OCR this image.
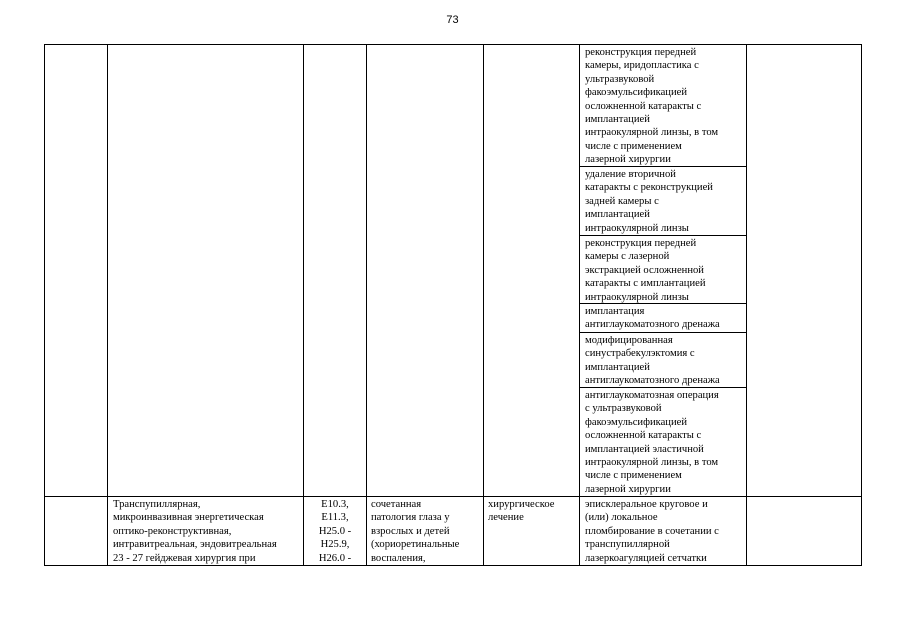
73
реконструкция передней
камеры, иридопластика с
ультразвуковой
факоэмульсификацией
осложненной катаракты с
имплантацией
интраокулярной линзы, в том
числе с применением
лазерной хирургии
удаление вторичной
катаракты с реконструкцией
задней камеры с
имплантацией
интраокулярной линзы
реконструкция передней
камеры с лазерной
экстракцией осложненной
катаракты с имплантацией
интраокулярной линзы
имплантация
антиглаукоматозного дренажа
модифицированная
синустрабекулэктомия с
имплантацией
антиглаукоматозного дренажа
антиглаукоматозная операция
с ультразвуковой
факоэмульсификацией
осложненной катаракты с
имплантацией эластичной
интраокулярной линзы, в том
числе с применением
лазерной хирургии
Транспупиллярная,
микроинвазивная энергетическая
оптико-реконструктивная,
интравитреальная, эндовитреальная
23 - 27 гейджевая хирургия при
E10.3,
E11.3,
H25.0 -
H25.9,
H26.0 -
сочетанная
патология глаза у
взрослых и детей
(хориоретинальные
воспаления,
хирургическое
лечение
эписклеральное круговое и
(или) локальное
пломбирование в сочетании с
транспупиллярной
лазеркоагуляцией сетчатки
